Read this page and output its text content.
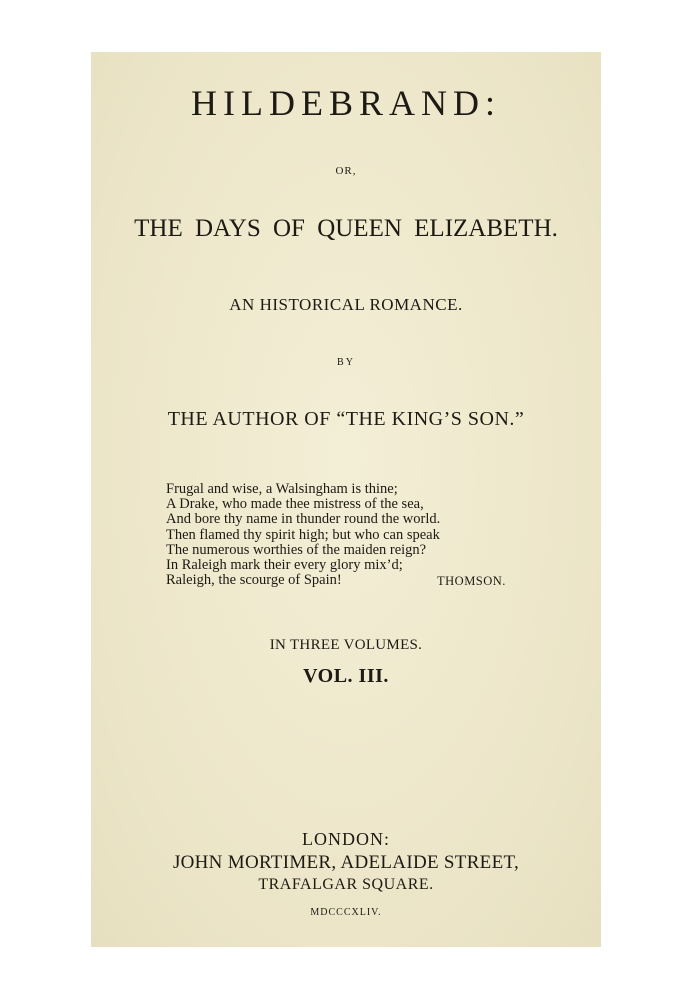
HILDEBRAND:
OR,
THE DAYS OF QUEEN ELIZABETH.
AN HISTORICAL ROMANCE.
BY
THE AUTHOR OF “THE KING’S SON.”
Frugal and wise, a Walsingham is thine;
A Drake, who made thee mistress of the sea,
And bore thy name in thunder round the world.
Then flamed thy spirit high; but who can speak
The numerous worthies of the maiden reign?
In Raleigh mark their every glory mix’d;
Raleigh, the scourge of Spain!	THOMSON.
IN THREE VOLUMES.
VOL. III.
LONDON:
JOHN MORTIMER, ADELAIDE STREET,
TRAFALGAR SQUARE.
MDCCCXLIV.
